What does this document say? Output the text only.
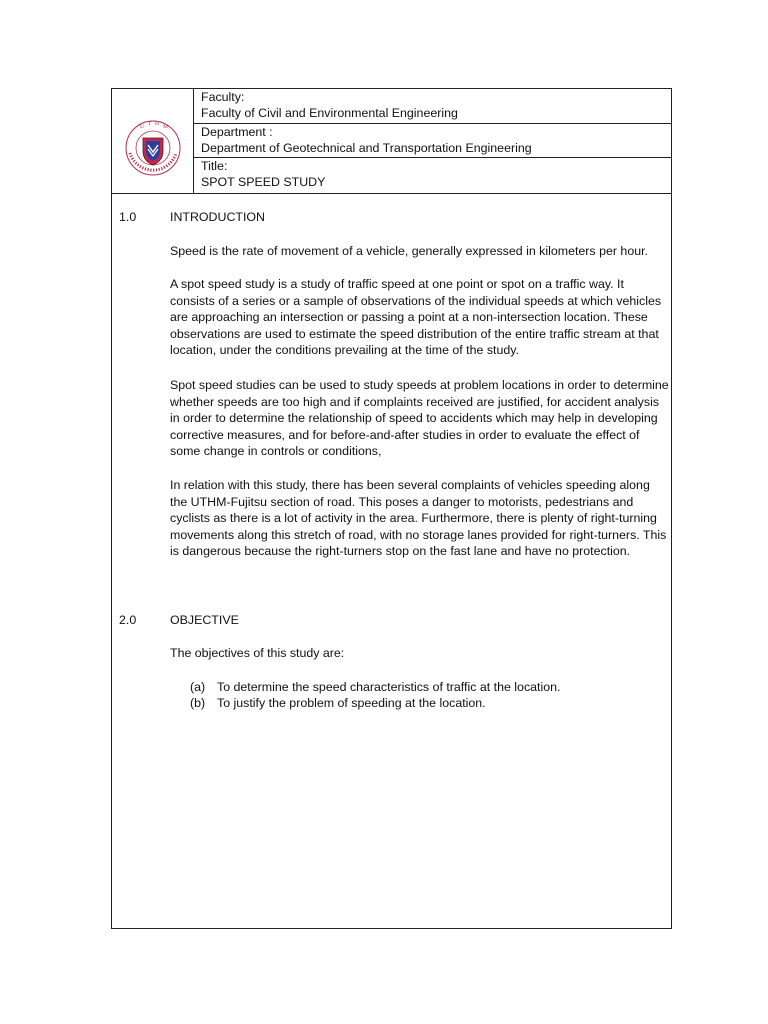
U T H M
Faculty:
Faculty of Civil and Environmental Engineering
Department :
Department of Geotechnical and Transportation Engineering
Title:
SPOT SPEED STUDY
1.0	INTRODUCTION
Speed is the rate of movement of a vehicle, generally expressed in kilometers per hour.
A spot speed study is a study of traffic speed at one point or spot on a traffic way. It consists of a series or a sample of observations of the individual speeds at which vehicles are approaching an intersection or passing a point at a non-intersection location. These observations are used to estimate the speed distribution of the entire traffic stream at that location, under the conditions prevailing at the time of the study.
Spot speed studies can be used to study speeds at problem locations in order to determine whether speeds are too high and if complaints received are justified, for accident analysis in order to determine the relationship of speed to accidents which may help in developing corrective measures, and for before-and-after studies in order to evaluate the effect of some change in controls or conditions,
In relation with this study, there has been several complaints of vehicles speeding along the UTHM-Fujitsu section of road. This poses a danger to motorists, pedestrians and cyclists as there is a lot of activity in the area. Furthermore, there is plenty of right-turning movements along this stretch of road, with no storage lanes provided for right-turners. This is dangerous because the right-turners stop on the fast lane and have no protection.
2.0	OBJECTIVE
The objectives of this study are:
(a) To determine the speed characteristics of traffic at the location.
(b) To justify the problem of speeding at the location.
